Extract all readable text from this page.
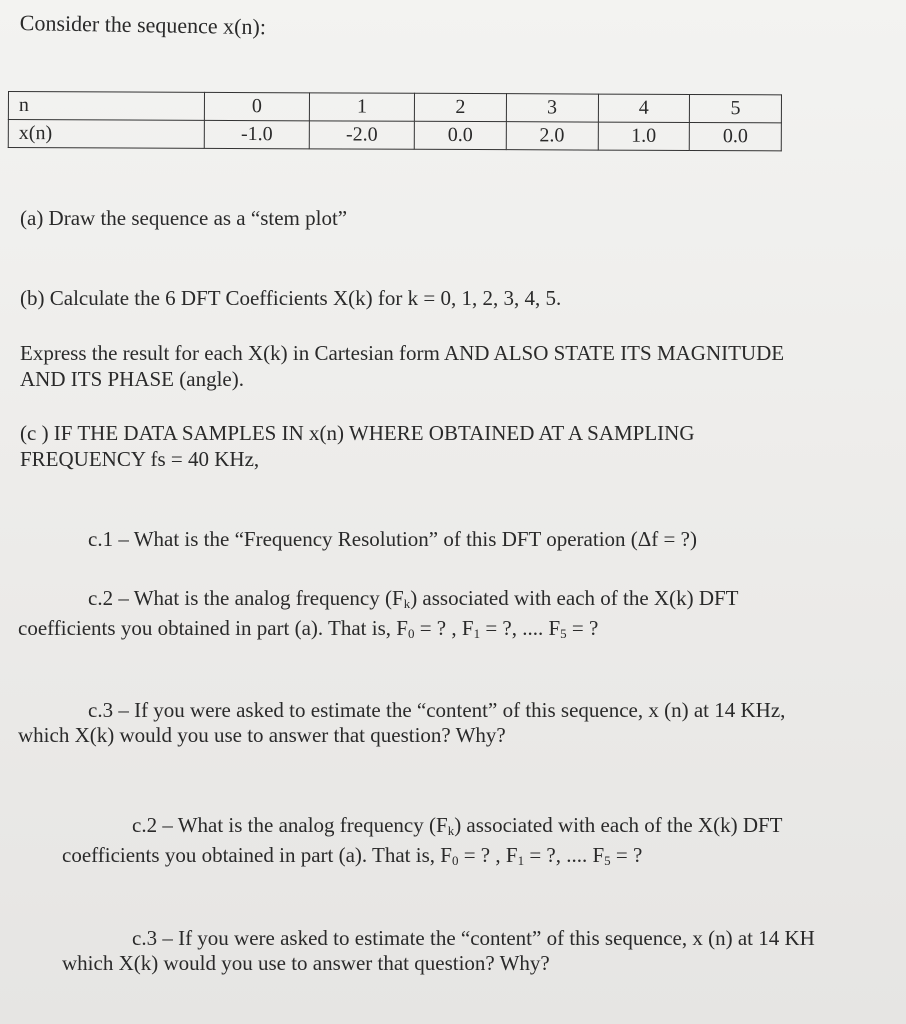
Consider the sequence x(n):
n	0	1	2	3	4	5
x(n)	-1.0	-2.0	0.0	2.0	1.0	0.0
(a) Draw the sequence as a “stem plot”
(b) Calculate the 6 DFT Coefficients X(k) for k = 0, 1, 2, 3, 4, 5.
Express the result for each X(k) in Cartesian form AND ALSO STATE ITS MAGNITUDE
AND ITS PHASE (angle).
(c ) IF THE DATA SAMPLES IN x(n) WHERE OBTAINED AT A SAMPLING
FREQUENCY fs = 40 KHz,
c.1 – What is the “Frequency Resolution” of this DFT operation (Δf = ?)
c.2 – What is the analog frequency $(F_k)$ associated with each of the X(k) DFT
coefficients you obtained in part (a). That is, $F_0$ = ? , $F_1$ = ?, .... $F_5$ = ?
c.3 – If you were asked to estimate the “content” of this sequence, x (n) at 14 KHz,
which X(k) would you use to answer that question? Why?
c.2 – What is the analog frequency $(F_k)$ associated with each of the X(k) DFT
coefficients you obtained in part (a). That is, $F_0$ = ? , $F_1$ = ?, .... $F_5$ = ?
c.3 – If you were asked to estimate the “content” of this sequence, x (n) at 14 KH
which X(k) would you use to answer that question? Why?
